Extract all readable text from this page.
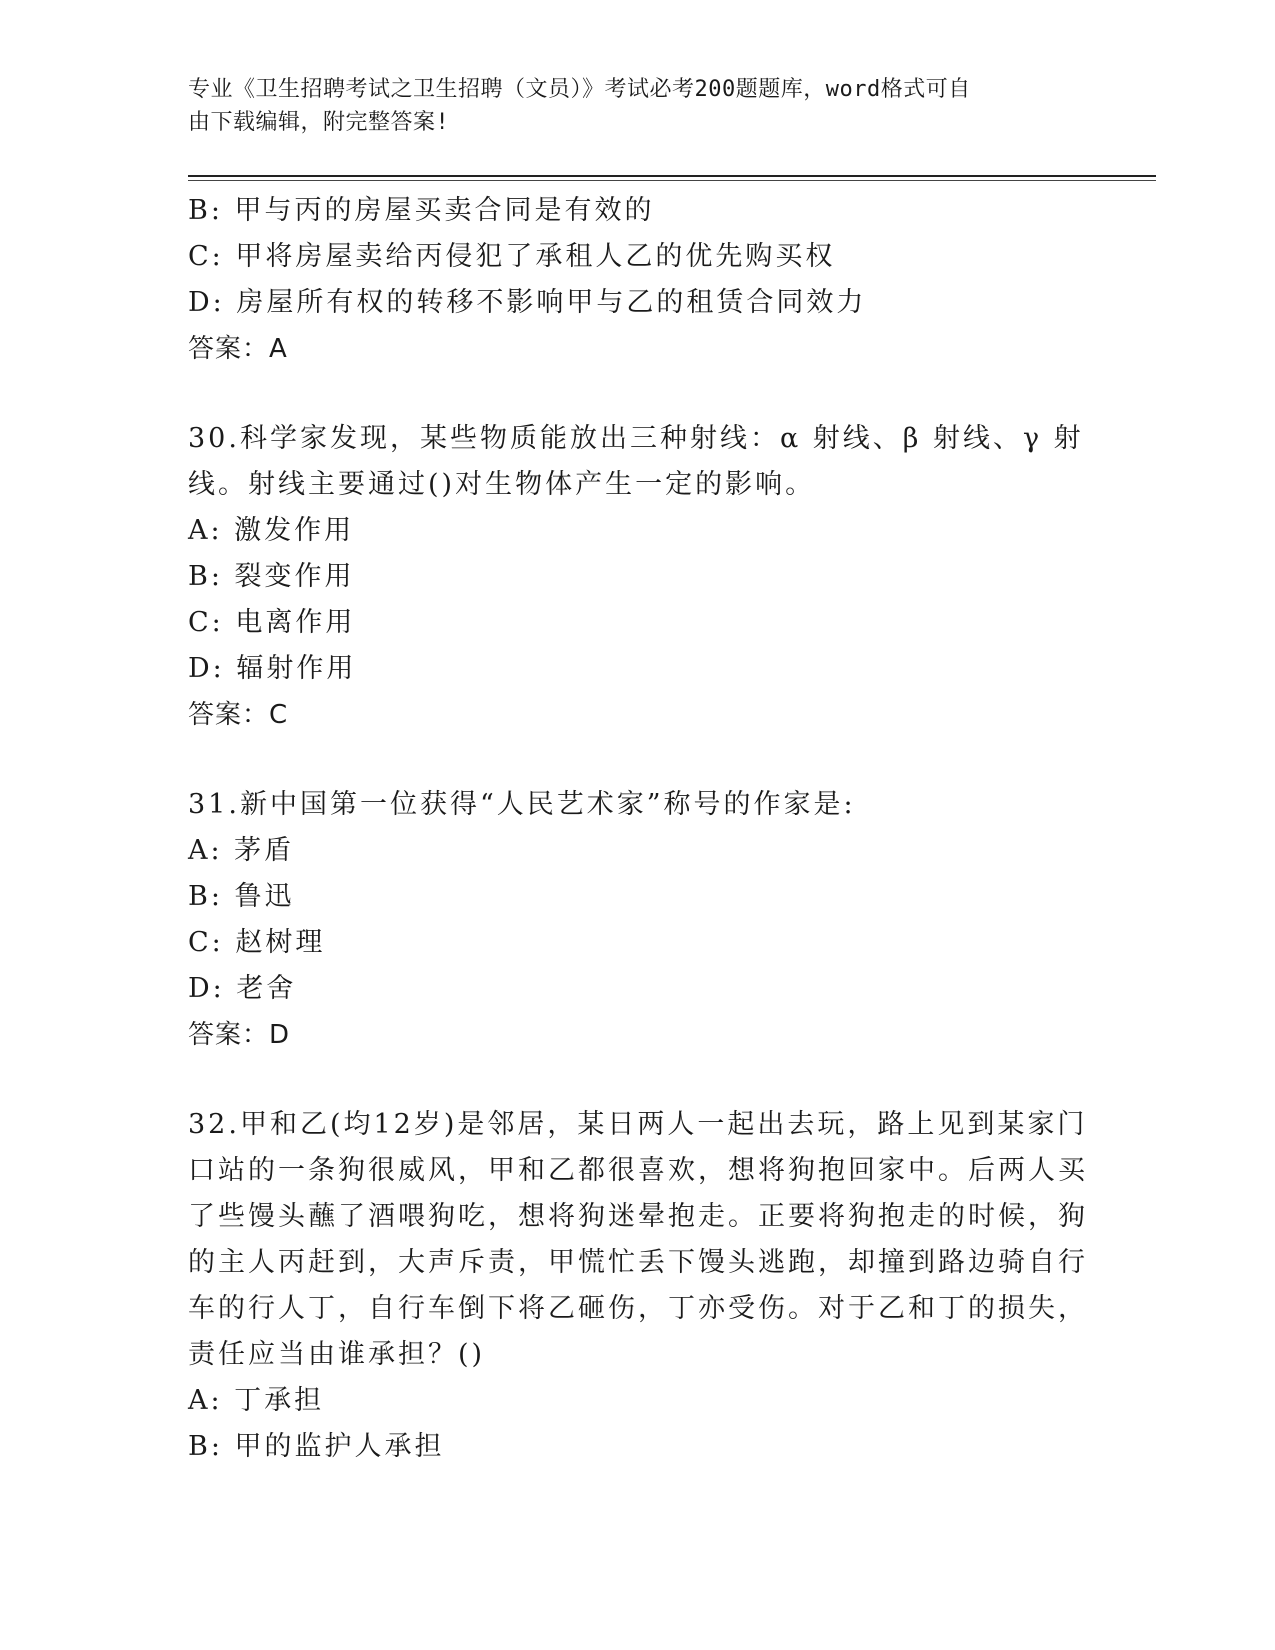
专业《卫生招聘考试之卫生招聘（文员）》考试必考200题题库，word格式可自
由下载编辑，附完整答案!
B: 甲与丙的房屋买卖合同是有效的
C: 甲将房屋卖给丙侵犯了承租人乙的优先购买权
D: 房屋所有权的转移不影响甲与乙的租赁合同效力
答案：A
30.科学家发现，某些物质能放出三种射线：α 射线、β 射线、γ 射
线。射线主要通过()对生物体产生一定的影响。
A: 激发作用
B: 裂变作用
C: 电离作用
D: 辐射作用
答案：C
31.新中国第一位获得“人民艺术家”称号的作家是:
A: 茅盾
B: 鲁迅
C: 赵树理
D: 老舍
答案：D
32.甲和乙(均12岁)是邻居，某日两人一起出去玩，路上见到某家门
口站的一条狗很威风，甲和乙都很喜欢，想将狗抱回家中。后两人买
了些馒头蘸了酒喂狗吃，想将狗迷晕抱走。正要将狗抱走的时候，狗
的主人丙赶到，大声斥责，甲慌忙丢下馒头逃跑，却撞到路边骑自行
车的行人丁，自行车倒下将乙砸伤，丁亦受伤。对于乙和丁的损失，
责任应当由谁承担？()
A: 丁承担
B: 甲的监护人承担
